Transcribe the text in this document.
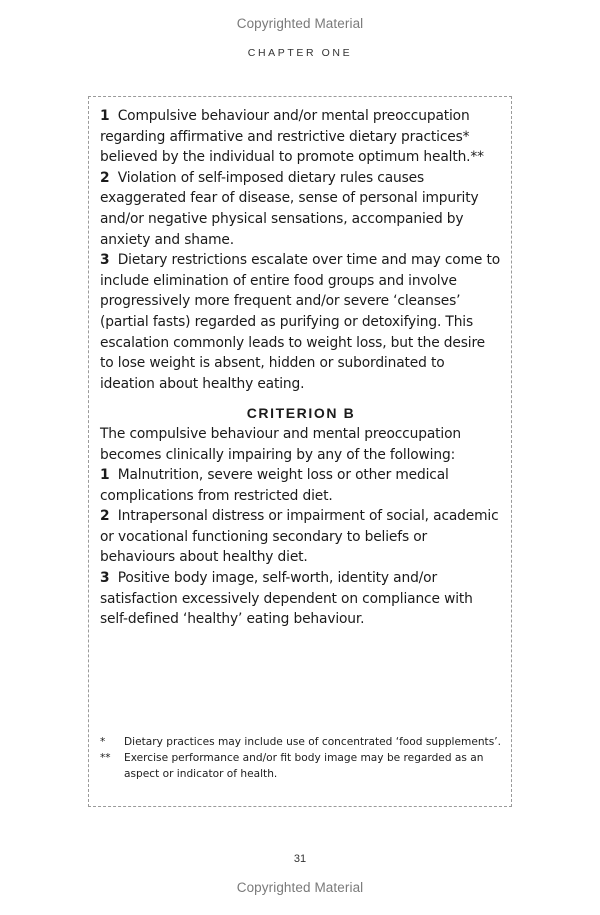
Copyrighted Material
CHAPTER ONE

1 Compulsive behaviour and/or mental preoccupation regarding affirmative and restrictive dietary practices* believed by the individual to promote optimum health.**

2 Violation of self-imposed dietary rules causes exaggerated fear of disease, sense of personal impurity and/or negative physical sensations, accompanied by anxiety and shame.

3 Dietary restrictions escalate over time and may come to include elimination of entire food groups and involve progressively more frequent and/or severe ‘cleanses’ (partial fasts) regarded as purifying or detoxifying. This escalation commonly leads to weight loss, but the desire to lose weight is absent, hidden or subordinated to ideation about healthy eating.

CRITERION B

The compulsive behaviour and mental preoccupation becomes clinically impairing by any of the following:

1 Malnutrition, severe weight loss or other medical complications from restricted diet.

2 Intrapersonal distress or impairment of social, academic or vocational functioning secondary to beliefs or behaviours about healthy diet.

3 Positive body image, self-worth, identity and/or satisfaction excessively dependent on compliance with self-defined ‘healthy’ eating behaviour.

*	Dietary practices may include use of concentrated ‘food supplements’.
**	Exercise performance and/or fit body image may be regarded as an aspect or indicator of health.
31
Copyrighted Material
